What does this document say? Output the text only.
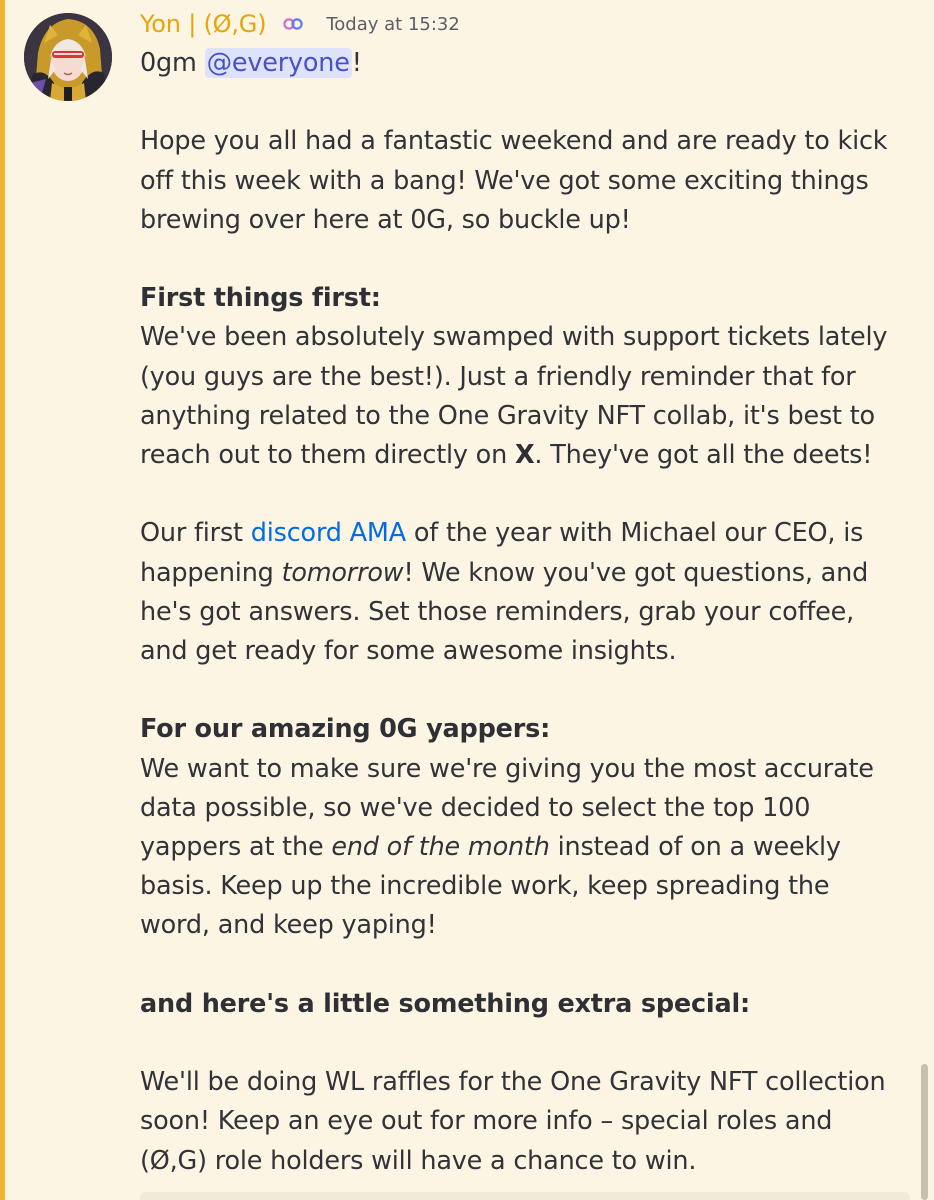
Yon | (Ø,G)	Today at 15:32

0gm @everyone!

Hope you all had a fantastic weekend and are ready to kick

off this week with a bang! We've got some exciting things

brewing over here at 0G, so buckle up!

First things first:

We've been absolutely swamped with support tickets lately

(you guys are the best!). Just a friendly reminder that for

anything related to the One Gravity NFT collab, it's best to

reach out to them directly on X. They've got all the deets!

Our first discord AMA of the year with Michael our CEO, is

happening tomorrow! We know you've got questions, and

he's got answers. Set those reminders, grab your coffee,

and get ready for some awesome insights.

For our amazing 0G yappers:

We want to make sure we're giving you the most accurate

data possible, so we've decided to select the top 100

yappers at the end of the month instead of on a weekly

basis. Keep up the incredible work, keep spreading the

word, and keep yaping!

and here's a little something extra special:

We'll be doing WL raffles for the One Gravity NFT collection

soon! Keep an eye out for more info – special roles and

(Ø,G) role holders will have a chance to win.
